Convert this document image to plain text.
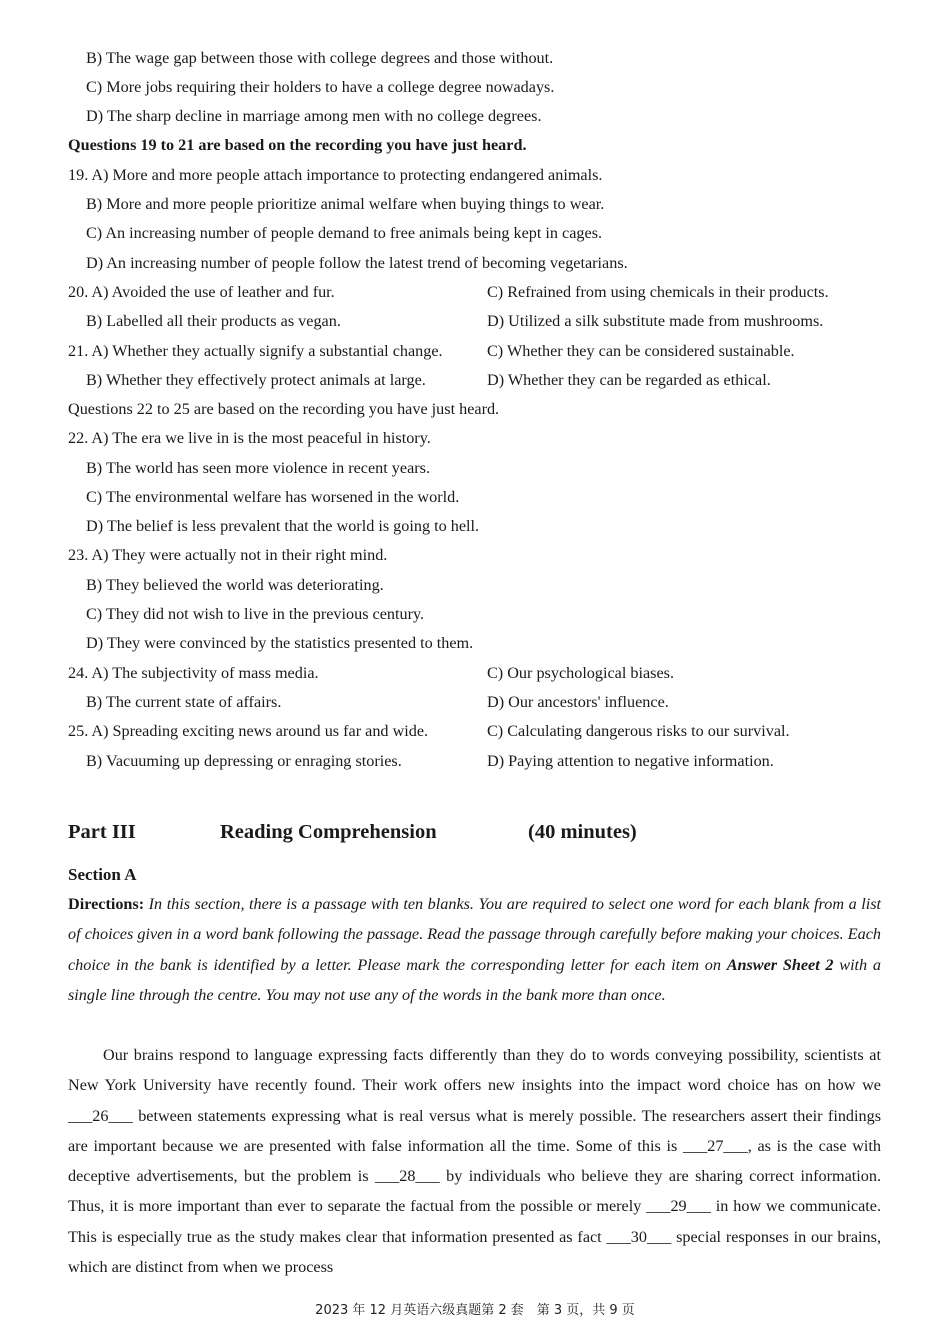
B) The wage gap between those with college degrees and those without.
C) More jobs requiring their holders to have a college degree nowadays.
D) The sharp decline in marriage among men with no college degrees.
Questions 19 to 21 are based on the recording you have just heard.
19. A) More and more people attach importance to protecting endangered animals.
B) More and more people prioritize animal welfare when buying things to wear.
C) An increasing number of people demand to free animals being kept in cages.
D) An increasing number of people follow the latest trend of becoming vegetarians.
20. A) Avoided the use of leather and fur.	C) Refrained from using chemicals in their products.
B) Labelled all their products as vegan.	D) Utilized a silk substitute made from mushrooms.
21. A) Whether they actually signify a substantial change.	C) Whether they can be considered sustainable.
B) Whether they effectively protect animals at large.	D) Whether they can be regarded as ethical.
Questions 22 to 25 are based on the recording you have just heard.
22. A) The era we live in is the most peaceful in history.
B) The world has seen more violence in recent years.
C) The environmental welfare has worsened in the world.
D) The belief is less prevalent that the world is going to hell.
23. A) They were actually not in their right mind.
B) They believed the world was deteriorating.
C) They did not wish to live in the previous century.
D) They were convinced by the statistics presented to them.
24. A) The subjectivity of mass media.	C) Our psychological biases.
B) The current state of affairs.	D) Our ancestors' influence.
25. A) Spreading exciting news around us far and wide.	C) Calculating dangerous risks to our survival.
B) Vacuuming up depressing or enraging stories.	D) Paying attention to negative information.
Part III	Reading Comprehension	(40 minutes)
Section A
Directions: In this section, there is a passage with ten blanks. You are required to select one word for each blank from a list of choices given in a word bank following the passage. Read the passage through carefully before making your choices. Each choice in the bank is identified by a letter. Please mark the corresponding letter for each item on Answer Sheet 2 with a single line through the centre. You may not use any of the words in the bank more than once.
Our brains respond to language expressing facts differently than they do to words conveying possibility, scientists at New York University have recently found. Their work offers new insights into the impact word choice has on how we ___26___ between statements expressing what is real versus what is merely possible. The researchers assert their findings are important because we are presented with false information all the time. Some of this is ___27___, as is the case with deceptive advertisements, but the problem is ___28___ by individuals who believe they are sharing correct information. Thus, it is more important than ever to separate the factual from the possible or merely ___29___ in how we communicate. This is especially true as the study makes clear that information presented as fact ___30___ special responses in our brains, which are distinct from when we process
2023 年 12 月英语六级真题第 2 套　第 3 页，共 9 页
